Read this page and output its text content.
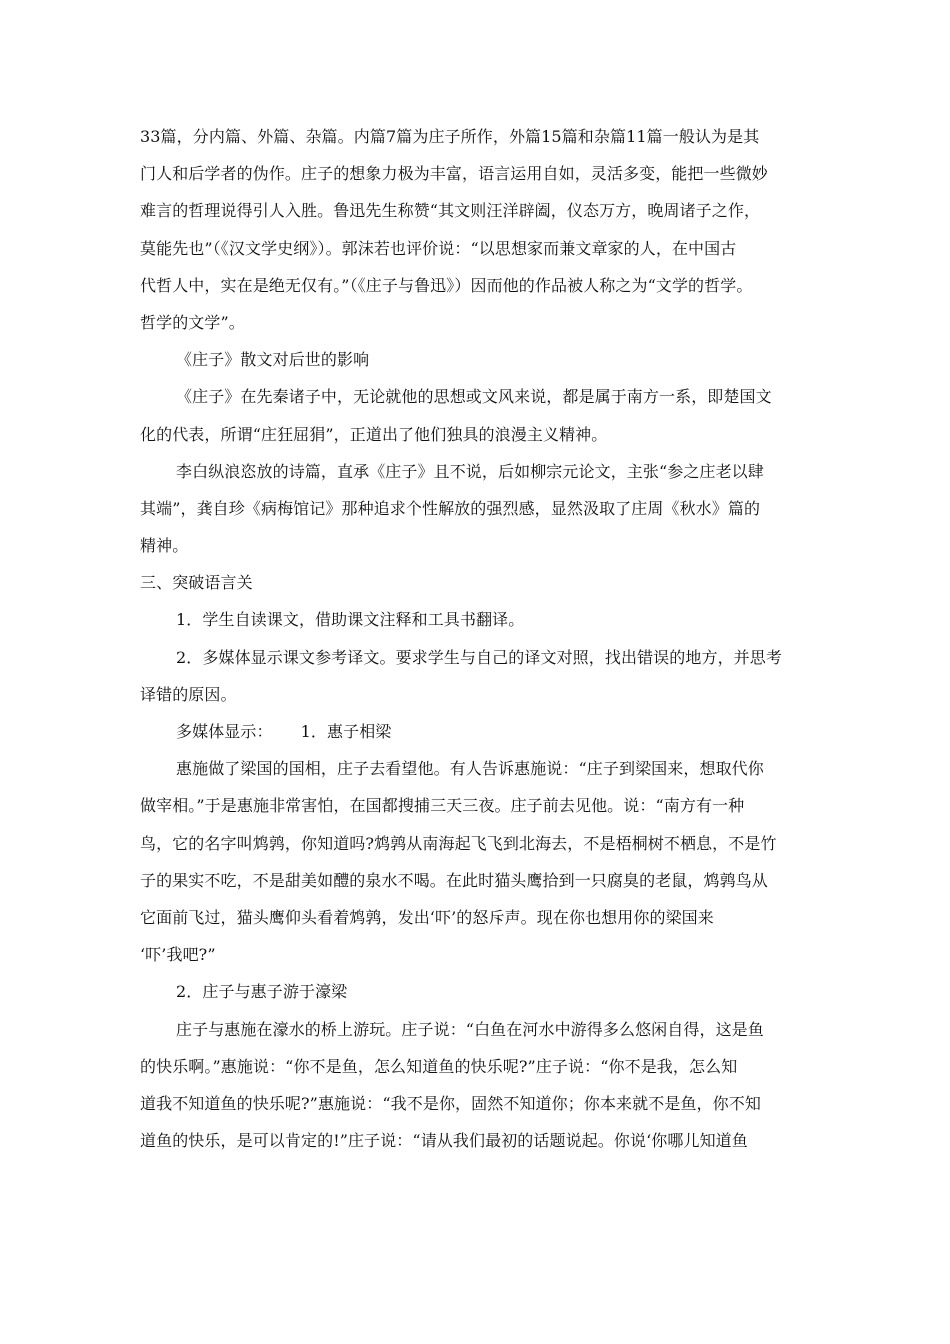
33篇，分内篇、外篇、杂篇。内篇7篇为庄子所作，外篇15篇和杂篇11篇一般认为是其
门人和后学者的伪作。庄子的想象力极为丰富，语言运用自如，灵活多变，能把一些微妙
难言的哲理说得引人入胜。鲁迅先生称赞“其文则汪洋辟阖，仪态万方，晚周诸子之作，
莫能先也”（《汉文学史纲》）。郭沫若也评价说：“以思想家而兼文章家的人，在中国古
代哲人中，实在是绝无仅有。”（《庄子与鲁迅》）因而他的作品被人称之为“文学的哲学。
哲学的文学”。
《庄子》散文对后世的影响
《庄子》在先秦诸子中，无论就他的思想或文风来说，都是属于南方一系，即楚国文
化的代表，所谓“庄狂屈狷”，正道出了他们独具的浪漫主义精神。
李白纵浪恣放的诗篇，直承《庄子》且不说，后如柳宗元论文，主张“参之庄老以肆
其端”，龚自珍《病梅馆记》那种追求个性解放的强烈感，显然汲取了庄周《秋水》篇的
精神。
三、突破语言关
1．学生自读课文，借助课文注释和工具书翻译。
2．多媒体显示课文参考译文。要求学生与自己的译文对照，找出错误的地方，并思考
译错的原因。
多媒体显示： 1．惠子相梁
惠施做了梁国的国相，庄子去看望他。有人告诉惠施说：“庄子到梁国来，想取代你
做宰相。”于是惠施非常害怕，在国都搜捕三天三夜。庄子前去见他。说：“南方有一种
鸟，它的名字叫鸩鹑，你知道吗?鸩鹑从南海起飞飞到北海去，不是梧桐树不栖息，不是竹
子的果实不吃，不是甜美如醴的泉水不喝。在此时猫头鹰拾到一只腐臭的老鼠，鸩鹑鸟从
它面前飞过，猫头鹰仰头看着鸩鹑，发出‘吓’的怒斥声。现在你也想用你的梁国来
‘吓’我吧?”
2．庄子与惠子游于濠梁
庄子与惠施在濠水的桥上游玩。庄子说：“白鱼在河水中游得多么悠闲自得，这是鱼
的快乐啊。”惠施说：“你不是鱼，怎么知道鱼的快乐呢?”庄子说：“你不是我，怎么知
道我不知道鱼的快乐呢?”惠施说：“我不是你，固然不知道你；你本来就不是鱼，你不知
道鱼的快乐，是可以肯定的!”庄子说：“请从我们最初的话题说起。你说‘你哪儿知道鱼
